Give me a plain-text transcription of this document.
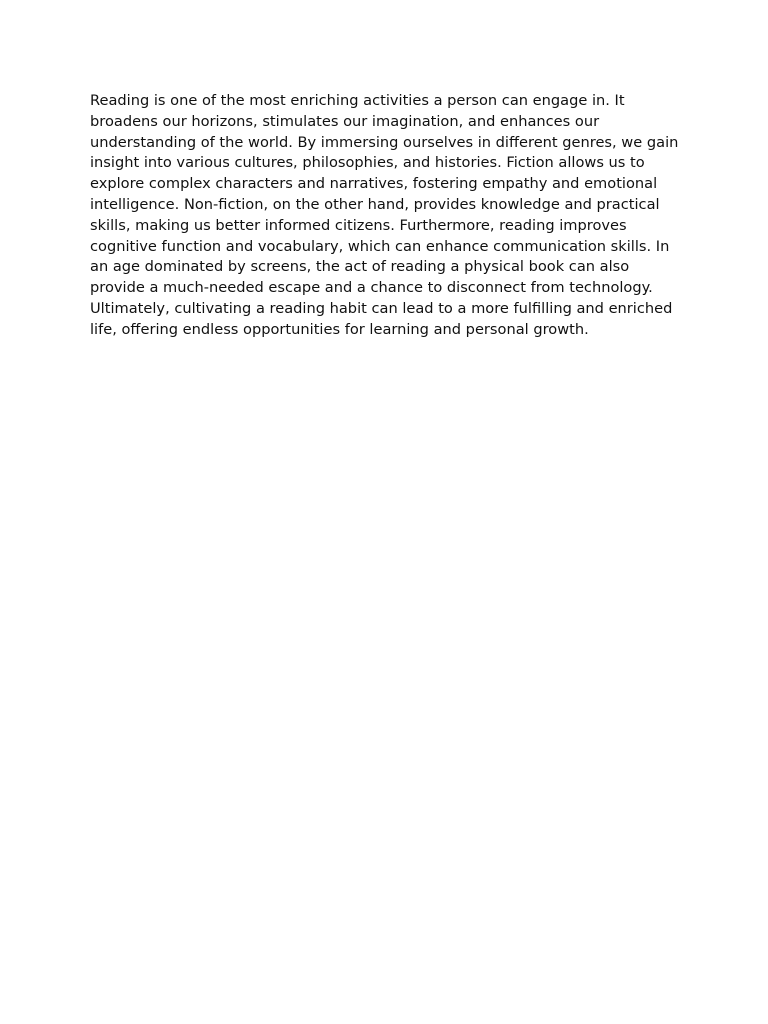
Reading is one of the most enriching activities a person can engage in. It broadens our horizons, stimulates our imagination, and enhances our understanding of the world. By immersing ourselves in different genres, we gain insight into various cultures, philosophies, and histories. Fiction allows us to explore complex characters and narratives, fostering empathy and emotional intelligence. Non-fiction, on the other hand, provides knowledge and practical skills, making us better informed citizens. Furthermore, reading improves cognitive function and vocabulary, which can enhance communication skills. In an age dominated by screens, the act of reading a physical book can also provide a much-needed escape and a chance to disconnect from technology. Ultimately, cultivating a reading habit can lead to a more fulfilling and enriched life, offering endless opportunities for learning and personal growth.
